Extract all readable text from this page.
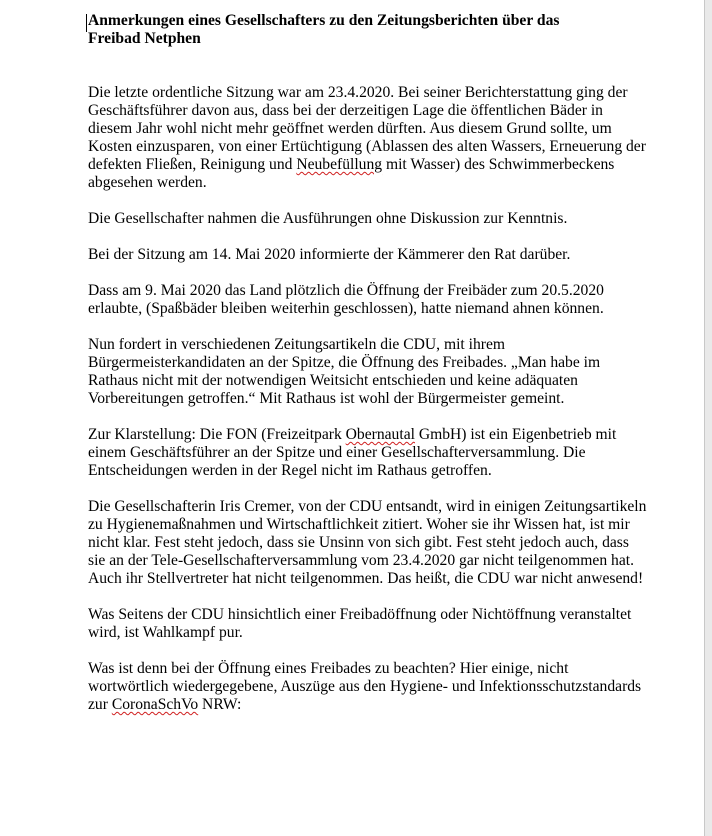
Anmerkungen eines Gesellschafters zu den Zeitungsberichten über das
Freibad Netphen

Die letzte ordentliche Sitzung war am 23.4.2020. Bei seiner Berichterstattung ging der Geschäftsführer davon aus, dass bei der derzeitigen Lage die öffentlichen Bäder in diesem Jahr wohl nicht mehr geöffnet werden dürften. Aus diesem Grund sollte, um Kosten einzusparen, von einer Ertüchtigung (Ablassen des alten Wassers, Erneuerung der defekten Fließen, Reinigung und Neubefüllung mit Wasser) des Schwimmerbeckens abgesehen werden.

Die Gesellschafter nahmen die Ausführungen ohne Diskussion zur Kenntnis.

Bei der Sitzung am 14. Mai 2020 informierte der Kämmerer den Rat darüber.

Dass am 9. Mai 2020 das Land plötzlich die Öffnung der Freibäder zum 20.5.2020 erlaubte, (Spaßbäder bleiben weiterhin geschlossen), hatte niemand ahnen können.

Nun fordert in verschiedenen Zeitungsartikeln die CDU, mit ihrem Bürgermeisterkandidaten an der Spitze, die Öffnung des Freibades. „Man habe im Rathaus nicht mit der notwendigen Weitsicht entschieden und keine adäquaten Vorbereitungen getroffen.“ Mit Rathaus ist wohl der Bürgermeister gemeint.

Zur Klarstellung: Die FON (Freizeitpark Obernautal GmbH) ist ein Eigenbetrieb mit einem Geschäftsführer an der Spitze und einer Gesellschafterversammlung. Die Entscheidungen werden in der Regel nicht im Rathaus getroffen.

Die Gesellschafterin Iris Cremer, von der CDU entsandt, wird in einigen Zeitungsartikeln zu Hygienemaßnahmen und Wirtschaftlichkeit zitiert. Woher sie ihr Wissen hat, ist mir nicht klar. Fest steht jedoch, dass sie Unsinn von sich gibt. Fest steht jedoch auch, dass sie an der Tele-Gesellschafterversammlung vom 23.4.2020 gar nicht teilgenommen hat. Auch ihr Stellvertreter hat nicht teilgenommen. Das heißt, die CDU war nicht anwesend!

Was Seitens der CDU hinsichtlich einer Freibadöffnung oder Nichtöffnung veranstaltet wird, ist Wahlkampf pur.

Was ist denn bei der Öffnung eines Freibades zu beachten? Hier einige, nicht wortwörtlich wiedergegebene, Auszüge aus den Hygiene- und Infektionsschutzstandards zur CoronaSchVo NRW:
